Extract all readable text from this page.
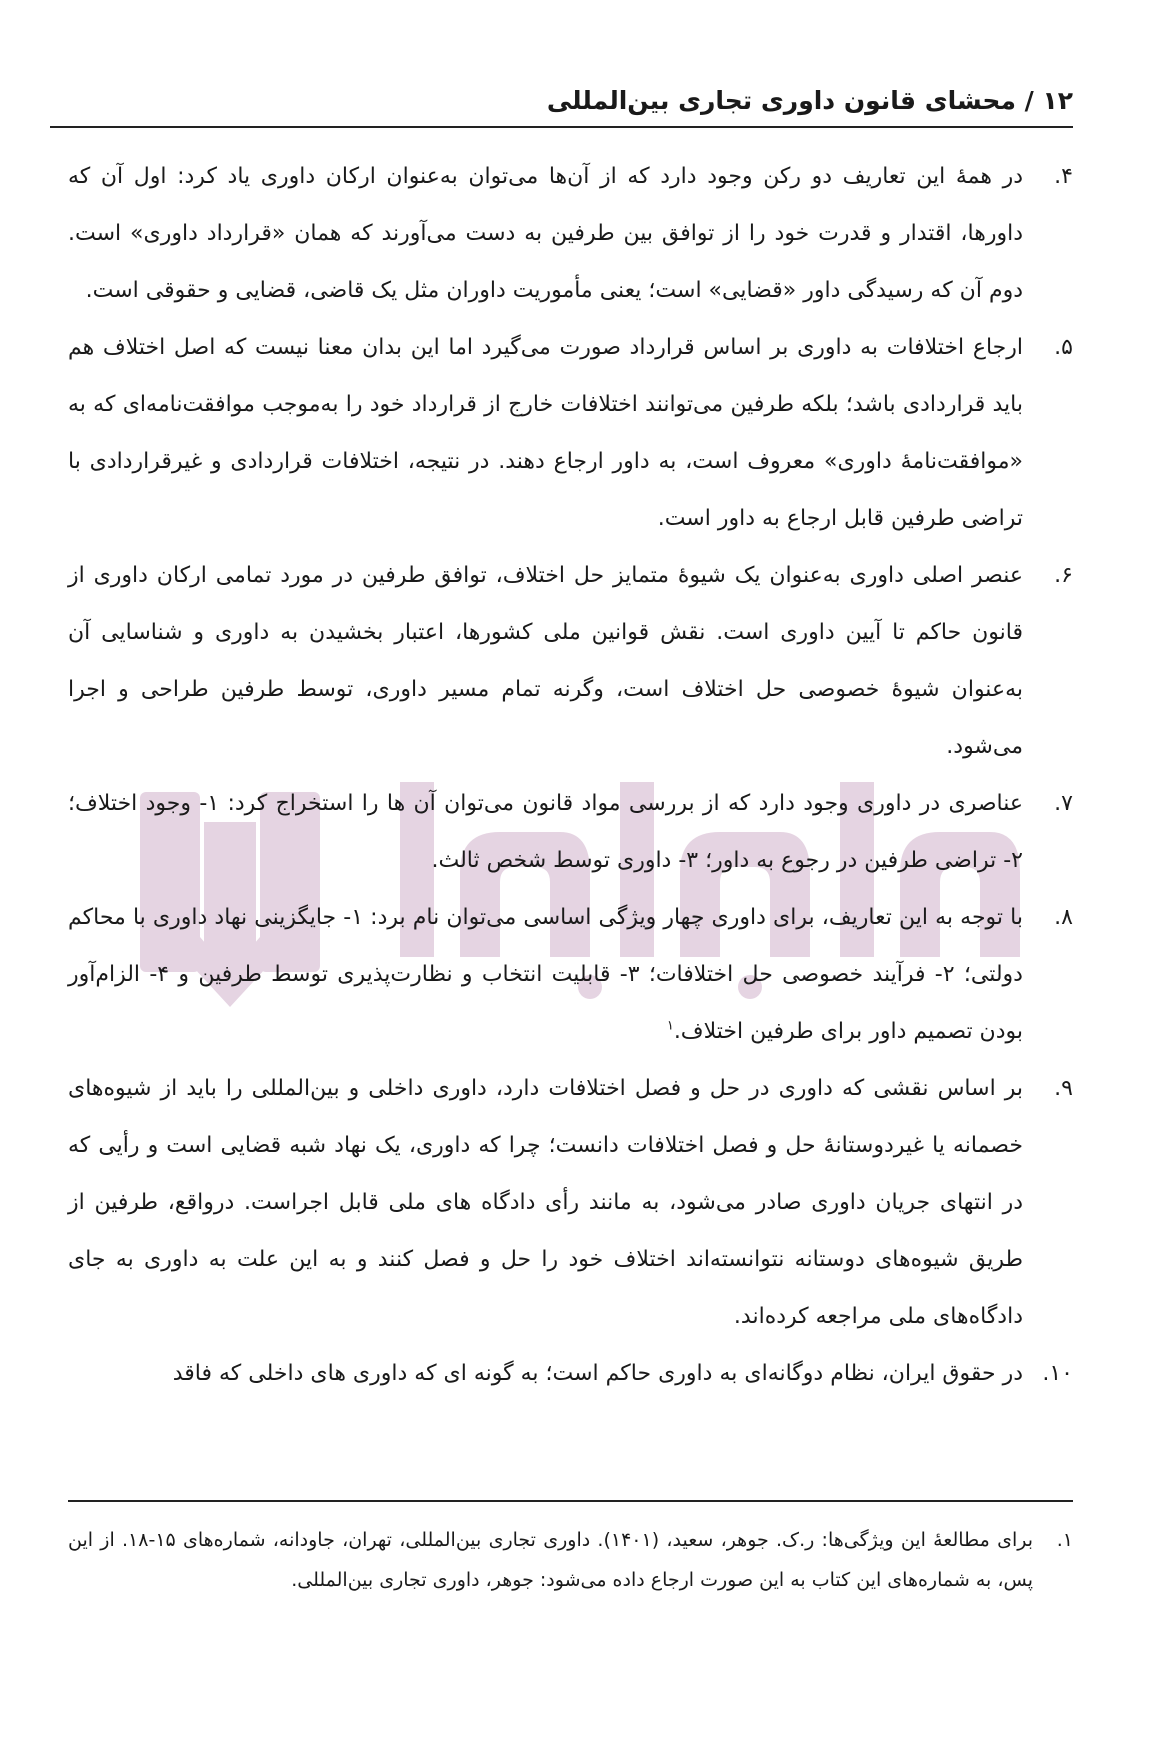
۱۲ / محشای قانون داوری تجاری بین‌المللی
۴.
در همهٔ این تعاریف دو رکن وجود دارد که از آن‌ها می‌توان به‌عنوان ارکان داوری یاد کرد: اول آن که داورها، اقتدار و قدرت خود را از توافق بین طرفین به دست می‌آورند که همان «قرارداد داوری» است. دوم آن که رسیدگی داور «قضایی» است؛ یعنی مأموریت داوران مثل یک قاضی، قضایی و حقوقی است.
۵.
ارجاع اختلافات به داوری بر اساس قرارداد صورت می‌گیرد اما این بدان معنا نیست که اصل اختلاف هم باید قراردادی باشد؛ بلکه طرفین می‌توانند اختلافات خارج از قرارداد خود را به‌موجب موافقت‌نامه‌ای که به «موافقت‌نامهٔ داوری» معروف است، به داور ارجاع دهند. در نتیجه، اختلافات قراردادی و غیرقراردادی با تراضی طرفین قابل ارجاع به داور است.
۶.
عنصر اصلی داوری به‌عنوان یک شیوهٔ متمایز حل اختلاف، توافق طرفین در مورد تمامی ارکان داوری از قانون حاکم تا آیین داوری است. نقش قوانین ملی کشورها، اعتبار بخشیدن به داوری و شناسایی آن به‌عنوان شیوهٔ خصوصی حل اختلاف است، وگرنه تمام مسیر داوری، توسط طرفین طراحی و اجرا می‌شود.
۷.
عناصری در داوری وجود دارد که از بررسی مواد قانون می‌توان آن ها را استخراج کرد: ۱- وجود اختلاف؛ ۲- تراضی طرفین در رجوع به داور؛ ۳- داوری توسط شخص ثالث.
۸.
با توجه به این تعاریف، برای داوری چهار ویژگی اساسی می‌توان نام برد: ۱- جایگزینی نهاد داوری با محاکم دولتی؛ ۲- فرآیند خصوصی حل اختلافات؛ ۳- قابلیت انتخاب و نظارت‌پذیری توسط طرفین و ۴- الزام‌آور بودن تصمیم داور برای طرفین اختلاف.$^۱$
۹.
بر اساس نقشی که داوری در حل و فصل اختلافات دارد، داوری داخلی و بین‌المللی را باید از شیوه‌های خصمانه یا غیردوستانهٔ حل و فصل اختلافات دانست؛ چرا که داوری، یک نهاد شبه قضایی است و رأیی که در انتهای جریان داوری صادر می‌شود، به مانند رأی دادگاه های ملی قابل اجراست. درواقع، طرفین از طریق شیوه‌های دوستانه نتوانسته‌اند اختلاف خود را حل و فصل کنند و به این علت به داوری به جای دادگاه‌های ملی مراجعه کرده‌اند.
۱۰.
در حقوق ایران، نظام دوگانه‌ای به داوری حاکم است؛ به گونه ای که داوری های داخلی که فاقد
۱.
برای مطالعهٔ این ویژگی‌ها: ر.ک. جوهر، سعید، (۱۴۰۱). داوری تجاری بین‌المللی، تهران، جاودانه، شماره‌های ۱۵-۱۸. از این پس، به شماره‌های این کتاب به این صورت ارجاع داده می‌شود: جوهر، داوری تجاری بین‌المللی.
